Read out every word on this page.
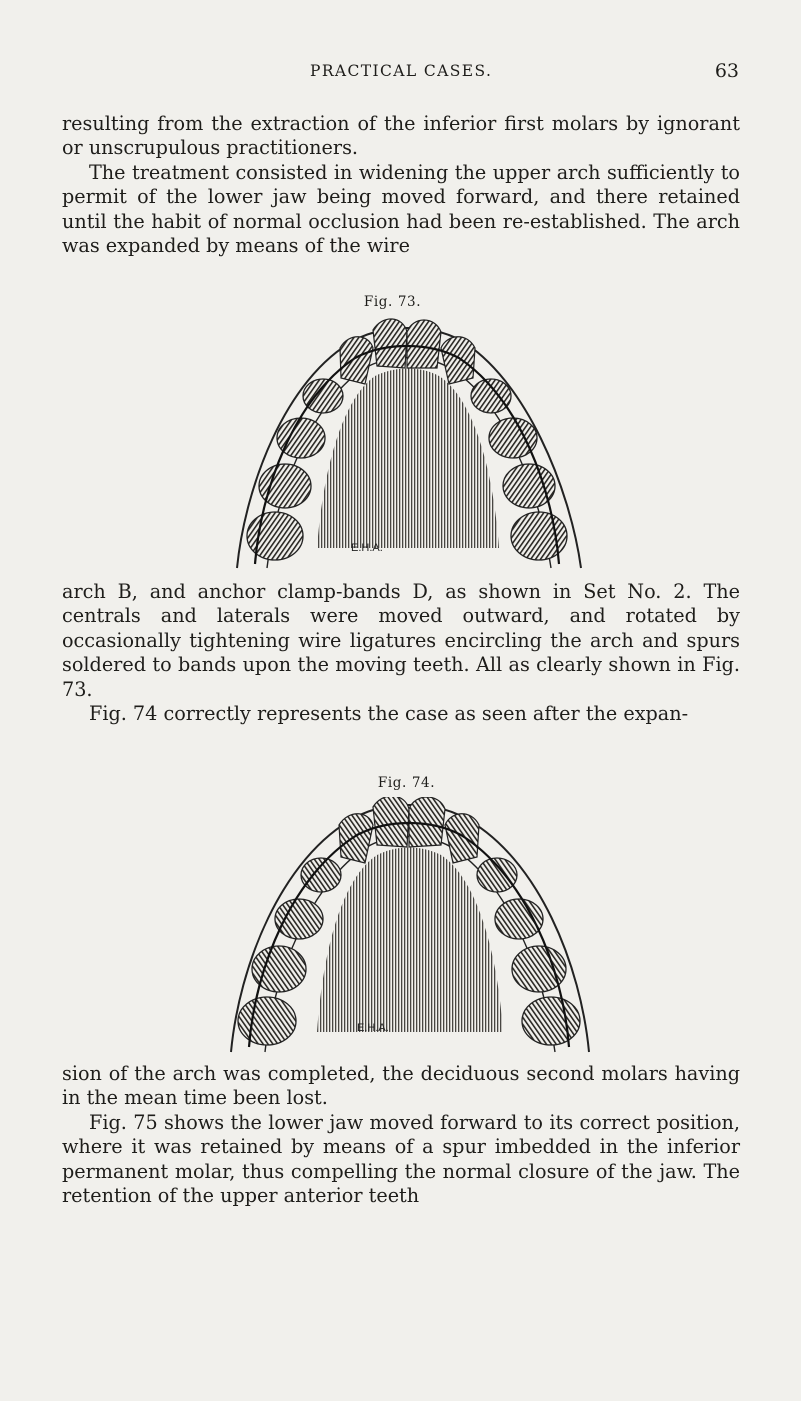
PRACTICAL CASES.	63

resulting from the extraction of the inferior first molars by ignorant or unscrupulous practitioners.

The treatment consisted in widening the upper arch sufficiently to permit of the lower jaw being moved forward, and there retained until the habit of normal occlusion had been re-established. The arch was expanded by means of the wire

Fig. 73.
E.H.A.

arch B, and anchor clamp-bands D, as shown in Set No. 2. The centrals and laterals were moved outward, and rotated by occasionally tightening wire ligatures encircling the arch and spurs soldered to bands upon the moving teeth. All as clearly shown in Fig. 73.

Fig. 74 correctly represents the case as seen after the expan-

Fig. 74.
E.H.A.

sion of the arch was completed, the deciduous second molars having in the mean time been lost.

Fig. 75 shows the lower jaw moved forward to its correct position, where it was retained by means of a spur imbedded in the inferior permanent molar, thus compelling the normal closure of the jaw. The retention of the upper anterior teeth
